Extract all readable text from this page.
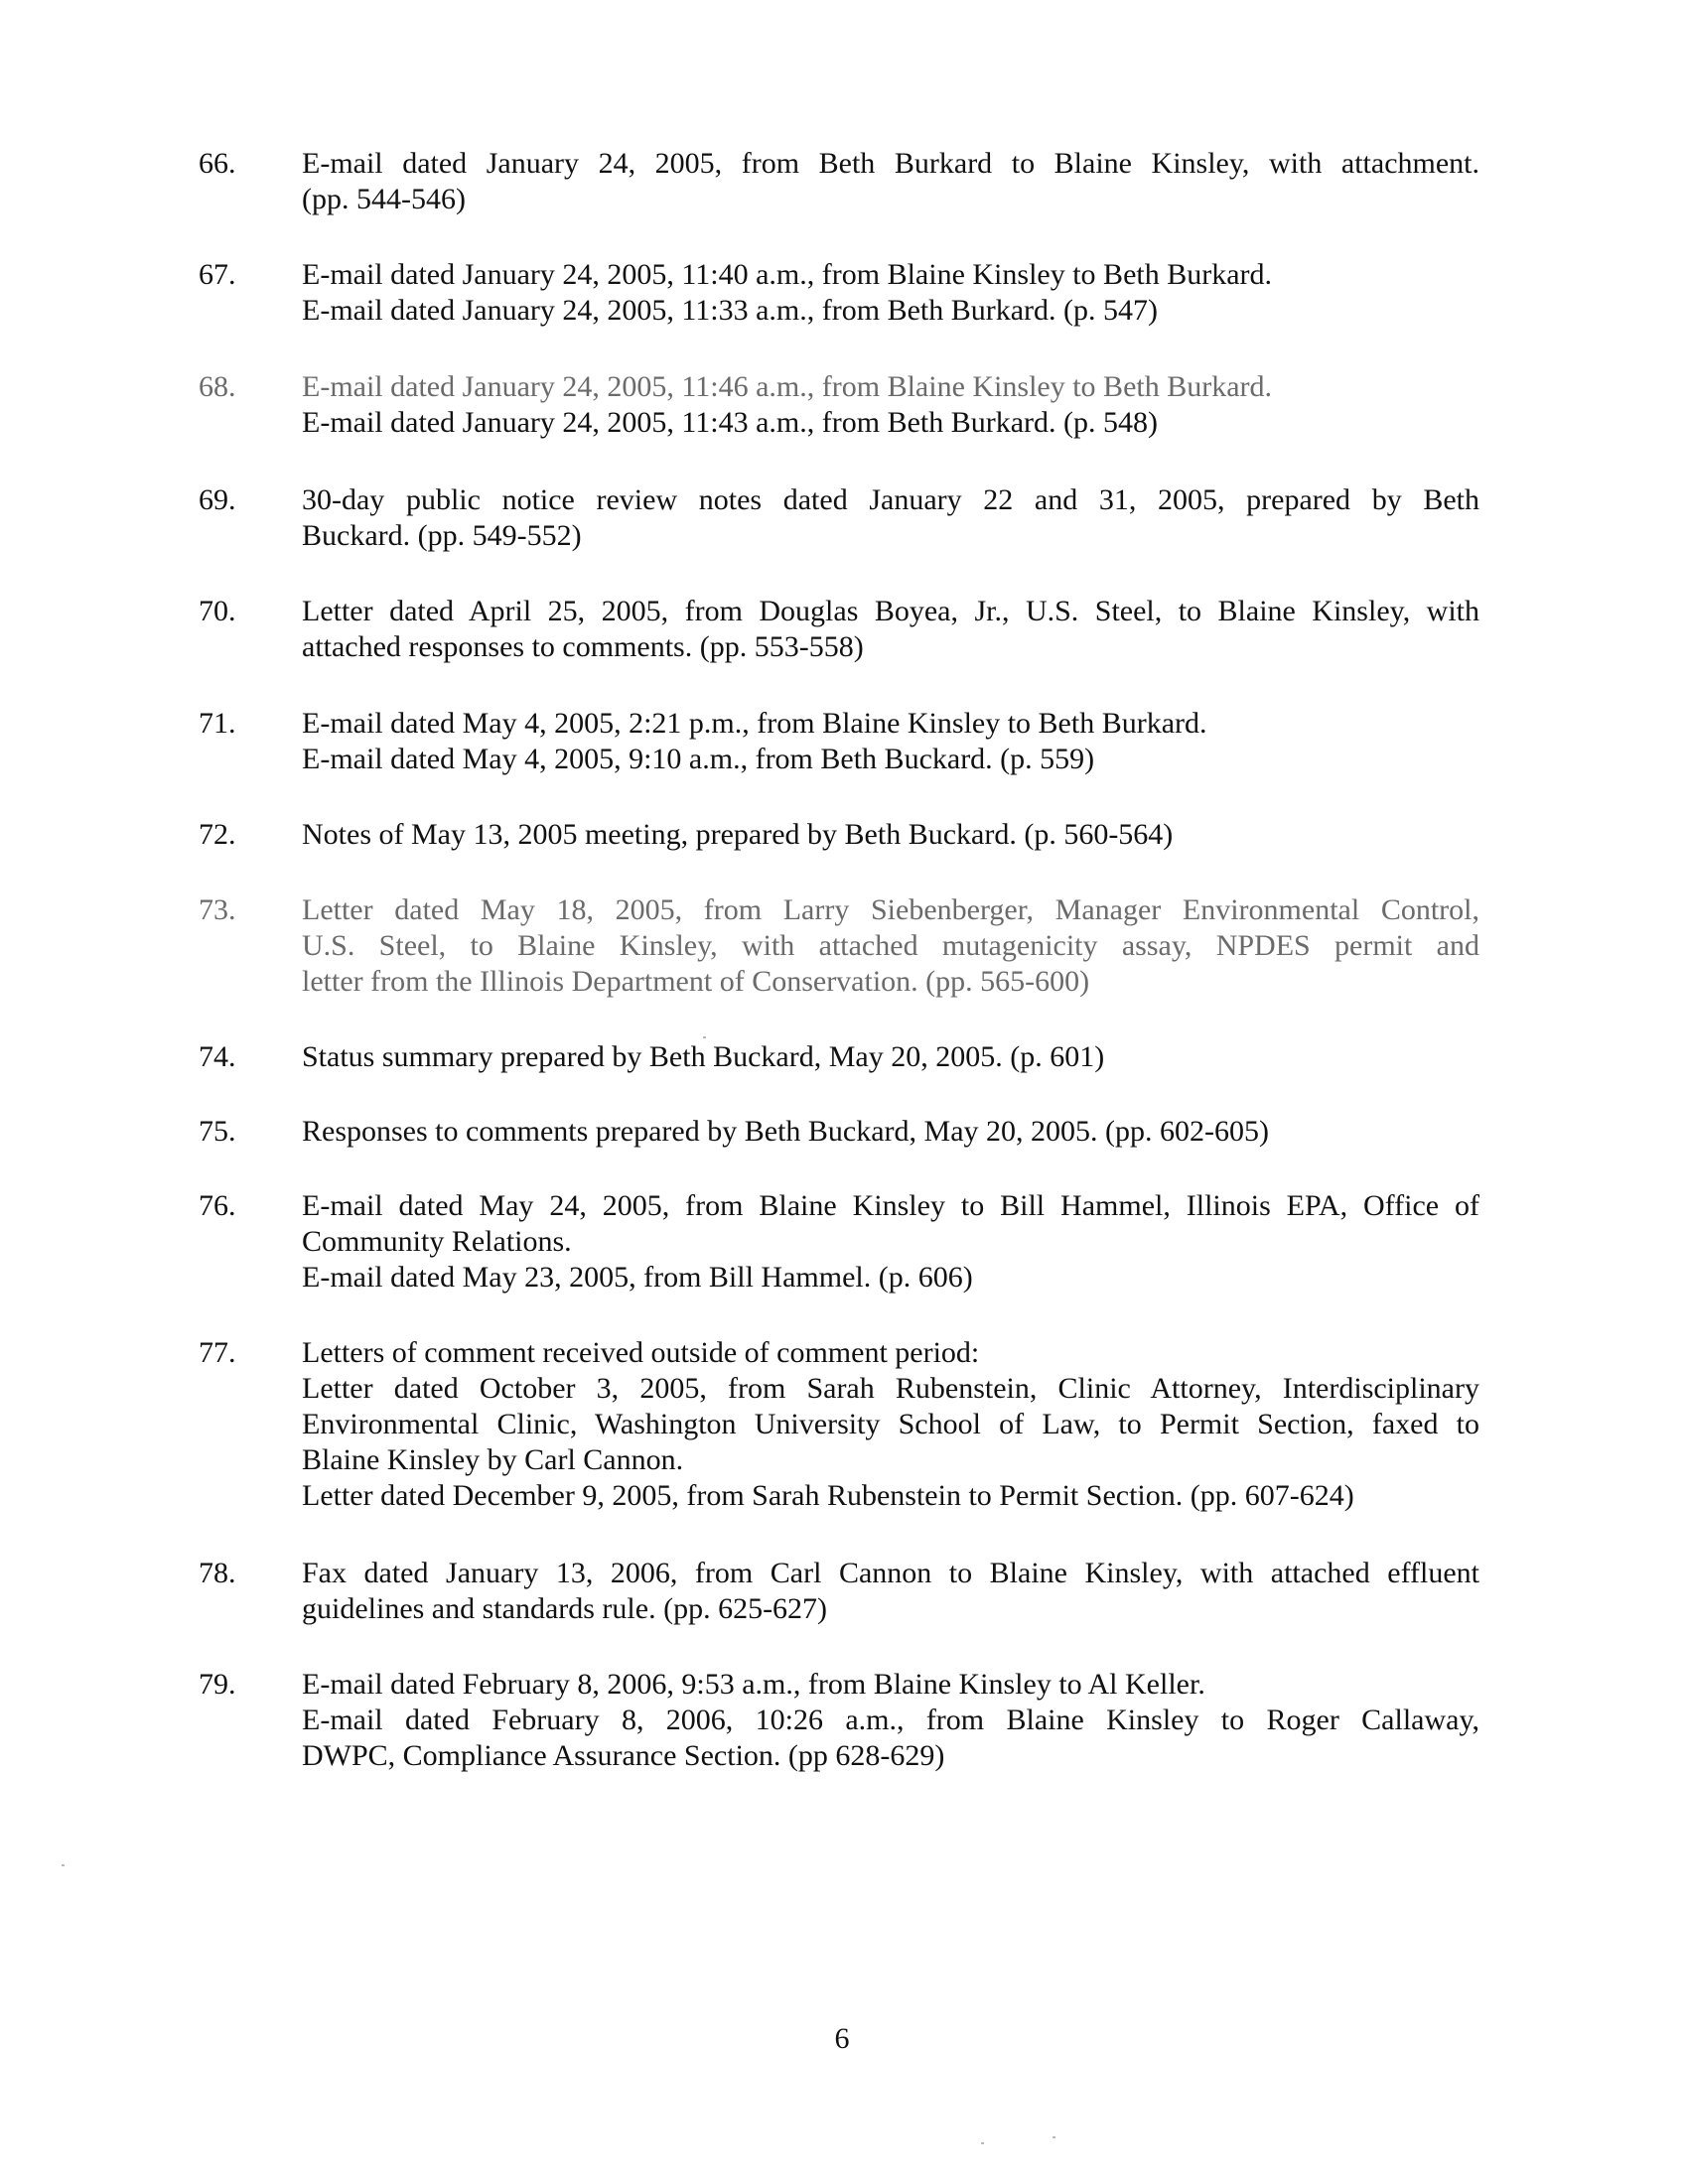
66. E-mail dated January 24, 2005, from Beth Burkard to Blaine Kinsley, with attachment.
(pp. 544-546)
67. E-mail dated January 24, 2005, 11:40 a.m., from Blaine Kinsley to Beth Burkard.
E-mail dated January 24, 2005, 11:33 a.m., from Beth Burkard. (p. 547)
68. E-mail dated January 24, 2005, 11:46 a.m., from Blaine Kinsley to Beth Burkard.
E-mail dated January 24, 2005, 11:43 a.m., from Beth Burkard. (p. 548)
69. 30-day public notice review notes dated January 22 and 31, 2005, prepared by Beth
Buckard. (pp. 549-552)
70. Letter dated April 25, 2005, from Douglas Boyea, Jr., U.S. Steel, to Blaine Kinsley, with
attached responses to comments. (pp. 553-558)
71. E-mail dated May 4, 2005, 2:21 p.m., from Blaine Kinsley to Beth Burkard.
E-mail dated May 4, 2005, 9:10 a.m., from Beth Buckard. (p. 559)
72. Notes of May 13, 2005 meeting, prepared by Beth Buckard. (p. 560-564)
73. Letter dated May 18, 2005, from Larry Siebenberger, Manager Environmental Control,
U.S. Steel, to Blaine Kinsley, with attached mutagenicity assay, NPDES permit and
letter from the Illinois Department of Conservation. (pp. 565-600)
74. Status summary prepared by Beth Buckard, May 20, 2005. (p. 601)
75. Responses to comments prepared by Beth Buckard, May 20, 2005. (pp. 602-605)
76. E-mail dated May 24, 2005, from Blaine Kinsley to Bill Hammel, Illinois EPA, Office of
Community Relations.
E-mail dated May 23, 2005, from Bill Hammel. (p. 606)
77. Letters of comment received outside of comment period:
Letter dated October 3, 2005, from Sarah Rubenstein, Clinic Attorney, Interdisciplinary
Environmental Clinic, Washington University School of Law, to Permit Section, faxed to
Blaine Kinsley by Carl Cannon.
Letter dated December 9, 2005, from Sarah Rubenstein to Permit Section. (pp. 607-624)
78. Fax dated January 13, 2006, from Carl Cannon to Blaine Kinsley, with attached effluent
guidelines and standards rule. (pp. 625-627)
79. E-mail dated February 8, 2006, 9:53 a.m., from Blaine Kinsley to Al Keller.
E-mail dated February 8, 2006, 10:26 a.m., from Blaine Kinsley to Roger Callaway,
DWPC, Compliance Assurance Section. (pp 628-629)
6
